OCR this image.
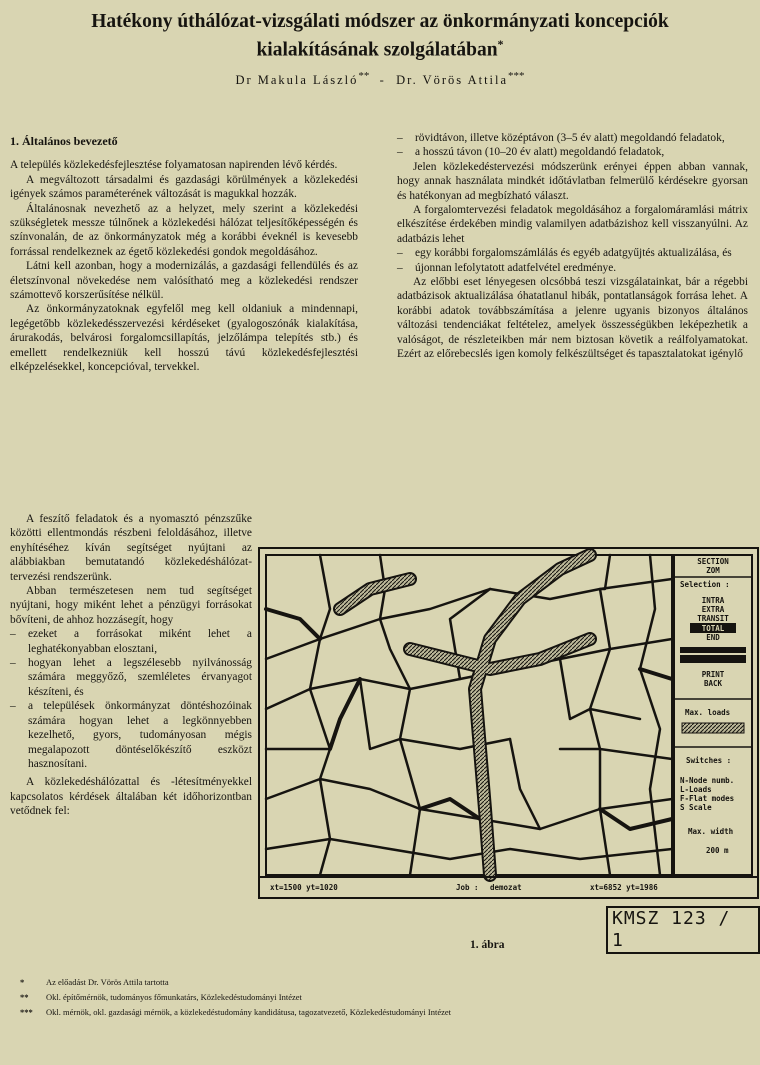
Hatékony úthálózat-vizsgálati módszer az önkormányzati koncepciók
kialakításának szolgálatában*
Dr Makula László** - Dr. Vörös Attila***
1. Általános bevezető

A település közlekedésfejlesztése folyamatosan napirenden lévő kérdés.

A megváltozott társadalmi és gazdasági körülmények a közlekedési igények számos paraméterének változását is magukkal hozzák.

Általánosnak nevezhető az a helyzet, mely szerint a közlekedési szükségletek messze túlnőnek a közlekedési hálózat teljesítőképességén és színvonalán, de az önkormányzatok még a korábbi éveknél is kevesebb forrással rendelkeznek az égető közlekedési gondok megoldásához.

Látni kell azonban, hogy a modernizálás, a gazdasági fellendülés és az életszínvonal növekedése nem valósítható meg a közlekedési rendszer számottevő korszerűsítése nélkül.

Az önkormányzatoknak egyfelől meg kell oldaniuk a mindennapi, legégetőbb közlekedésszervezési kérdéseket (gyalogoszónák kialakítása, árurakodás, belvárosi forgalomcsillapítás, jelzőlámpa telepítés stb.) és emellett rendelkezniük kell hosszú távú közlekedésfejlesztési elképzelésekkel, koncepcióval, tervekkel.

A feszítő feladatok és a nyomasztó pénzszűke közötti ellentmondás részbeni feloldásához, illetve enyhítéséhez kíván segítséget nyújtani az alábbiakban bemutatandó közlekedéshálózat-tervezési rendszerünk.

Abban természetesen nem tud segítséget nyújtani, hogy miként lehet a pénzügyi forrásokat bővíteni, de ahhoz hozzásegít, hogy

–	ezeket a forrásokat miként lehet a leghatékonyabban elosztani,
–	hogyan lehet a legszélesebb nyilvánosság számára meggyőző, szemléletes érvanyagot készíteni, és
–	a települések önkormányzat döntéshozóinak számára hogyan lehet a legkönnyebben kezelhető, gyors, tudományosan mégis megalapozott döntéselőkészítő eszközt hasznosítani.

A közlekedéshálózattal és -létesítményekkel kapcsolatos kérdések általában két időhorizontban vetődnek fel:

–	rövidtávon, illetve középtávon (3–5 év alatt) megoldandó feladatok,
–	a hosszú távon (10–20 év alatt) megoldandó feladatok,

Jelen közlekedéstervezési módszerünk erényei éppen abban vannak, hogy annak használata mindkét időtávlatban felmerülő kérdésekre gyorsan és hatékonyan ad megbízható választ.

A forgalomtervezési feladatok megoldásához a forgalomáramlási mátrix elkészítése érdekében mindig valamilyen adatbázishoz kell visszanyúlni. Az adatbázis lehet

–	egy korábbi forgalomszámlálás és egyéb adatgyűjtés aktualizálása, és
–	újonnan lefolytatott adatfelvétel eredménye.

Az előbbi eset lényegesen olcsóbbá teszi vizsgálatainkat, bár a régebbi adatbázisok aktualizálása óhatatlanul hibák, pontatlanságok forrása lehet. A korábbi adatok továbbszámítása a jelenre ugyanis bizonyos általános változási tendenciákat feltételez, amelyek összességükben leképezhetik a valóságot, de részleteikben már nem biztosan követik a reálfolyamatokat. Ezért az előrebecslés igen komoly felkészültséget és tapasztalatokat igénylő

SECTION
ZOM
Selection :
INTRA
EXTRA
TRANSIT
TOTAL
END
PRINT
BACK
Max. loads
Switches :
N-Node numb.
L-Loads
F-Flat modes
S Scale
Max. width
200 m
xt=1500 yt=1020	Job : demozat	xt=6852 yt=1986
KMSZ 123 / 1
1. ábra
*	Az előadást Dr. Vörös Attila tartotta
**	Okl. építőmérnök, tudományos főmunkatárs, Közlekedéstudományi Intézet
***	Okl. mérnök, okl. gazdasági mérnök, a közlekedéstudomány kandidátusa, tagozatvezető, Közlekedéstudományi Intézet
